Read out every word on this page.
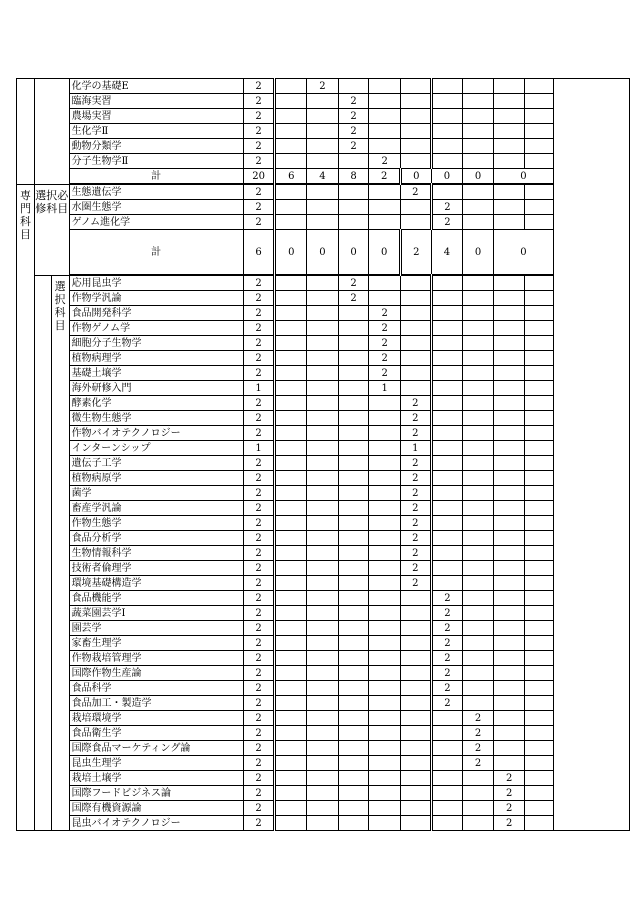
			化学の基礎E	2		2								
			臨海実習	2			2							
			農場実習	2			2							
			生化学Ⅱ	2			2							
			動物分類学	2			2							
			分子生物学Ⅱ	2				2						
			計	20	6	4	8	2	0	0	0	0		
専門科目	選択必修科目		生態遺伝学	2					2					
			水圏生態学	2						2				
			ゲノム進化学	2						2				
			計	6	0	0	0	0	2	4	0	0		
		選択科目	応用昆虫学	2			2							
			作物学汎論	2			2							
			食品開発科学	2				2						
			作物ゲノム学	2				2						
			細胞分子生物学	2				2						
			植物病理学	2				2						
			基礎土壌学	2				2						
			海外研修入門	1				1						
			酵素化学	2					2					
			微生物生態学	2					2					
			作物バイオテクノロジー	2					2					
			インターンシップ	1					1					
			遺伝子工学	2					2					
			植物病原学	2					2					
			菌学	2					2					
			畜産学汎論	2					2					
			作物生態学	2					2					
			食品分析学	2					2					
			生物情報科学	2					2					
			技術者倫理学	2					2					
			環境基礎構造学	2					2					
			食品機能学	2						2				
			蔬菜園芸学Ⅰ	2						2				
			園芸学	2						2				
			家畜生理学	2						2				
			作物栽培管理学	2						2				
			国際作物生産論	2						2				
			食品科学	2						2				
			食品加工・製造学	2						2				
			栽培環境学	2							2			
			食品衛生学	2							2			
			国際食品マーケティング論	2							2			
			昆虫生理学	2							2			
			栽培土壌学	2								2		
			国際フードビジネス論	2								2		
			国際有機資源論	2								2		
			昆虫バイオテクノロジー	2								2		
